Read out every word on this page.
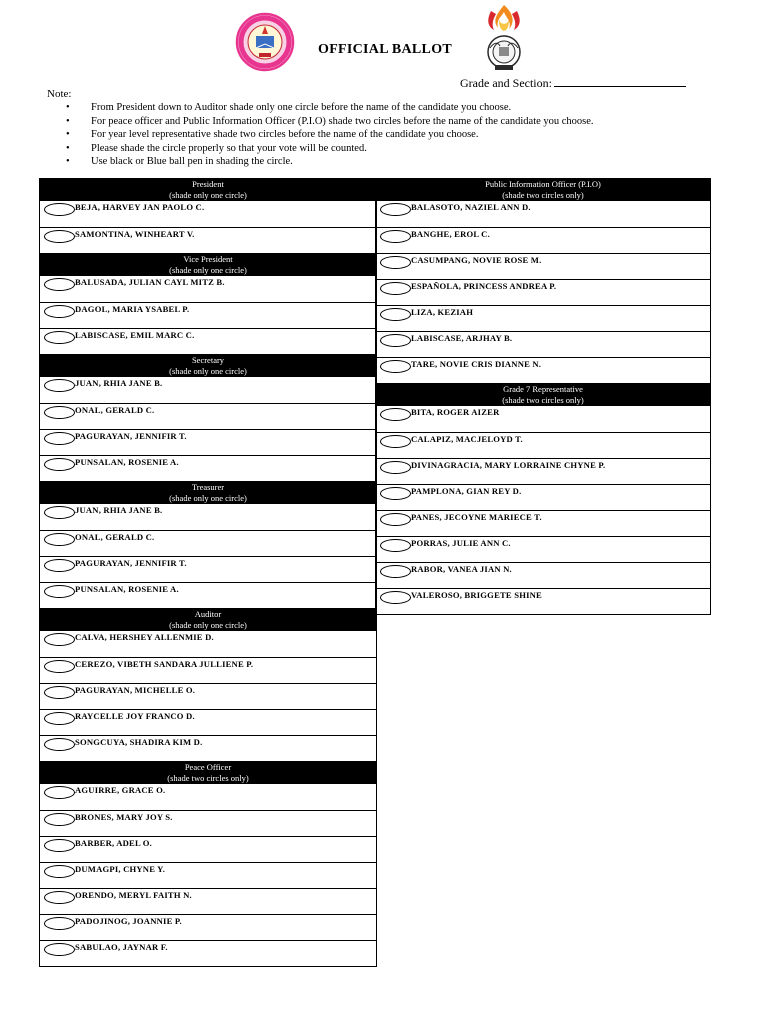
OFFICIAL BALLOT
Grade and Section:
Note:
• From President down to Auditor shade only one circle before the name of the candidate you choose.
• For peace officer and Public Information Officer (P.I.O) shade two circles before the name of the candidate you choose.
• For year level representative shade two circles before the name of the candidate you choose.
• Please shade the circle properly so that your vote will be counted.
• Use black or Blue ball pen in shading the circle.
President
(shade only one circle)
BEJA, HARVEY JAN PAOLO C.
SAMONTINA, WINHEART V.
Vice President
(shade only one circle)
BALUSADA, JULIAN CAYL MITZ B.
DAGOL, MARIA YSABEL P.
LABISCASE, EMIL MARC C.
Secretary
(shade only one circle)
JUAN, RHIA JANE B.
ONAL, GERALD C.
PAGURAYAN, JENNIFIR T.
PUNSALAN, ROSENIE A.
Treasurer
(shade only one circle)
JUAN, RHIA JANE B.
ONAL, GERALD C.
PAGURAYAN, JENNIFIR T.
PUNSALAN, ROSENIE A.
Auditor
(shade only one circle)
CALVA, HERSHEY ALLENMIE D.
CEREZO, VIBETH SANDARA JULLIENE P.
PAGURAYAN, MICHELLE O.
RAYCELLE JOY FRANCO D.
SONGCUYA, SHADIRA KIM D.
Peace Officer
(shade two circles only)
AGUIRRE, GRACE O.
BRONES, MARY JOY S.
BARBER, ADEL O.
DUMAGPI, CHYNE Y.
ORENDO, MERYL FAITH N.
PADOJINOG, JOANNIE P.
SABULAO, JAYNAR F.
Public Information Officer (P.I.O)
(shade two circles only)
BALASOTO, NAZIEL ANN D.
BANGHE, EROL C.
CASUMPANG, NOVIE ROSE M.
ESPAÑOLA, PRINCESS ANDREA P.
LIZA, KEZIAH
LABISCASE, ARJHAY B.
TARE, NOVIE CRIS DIANNE N.
Grade 7 Representative
(shade two circles only)
BITA, ROGER AIZER
CALAPIZ, MACJELOYD T.
DIVINAGRACIA, MARY LORRAINE CHYNE P.
PAMPLONA, GIAN REY D.
PANES, JECOYNE MARIECE T.
PORRAS, JULIE ANN C.
RABOR, VANEA JIAN N.
VALEROSO, BRIGGETE SHINE
